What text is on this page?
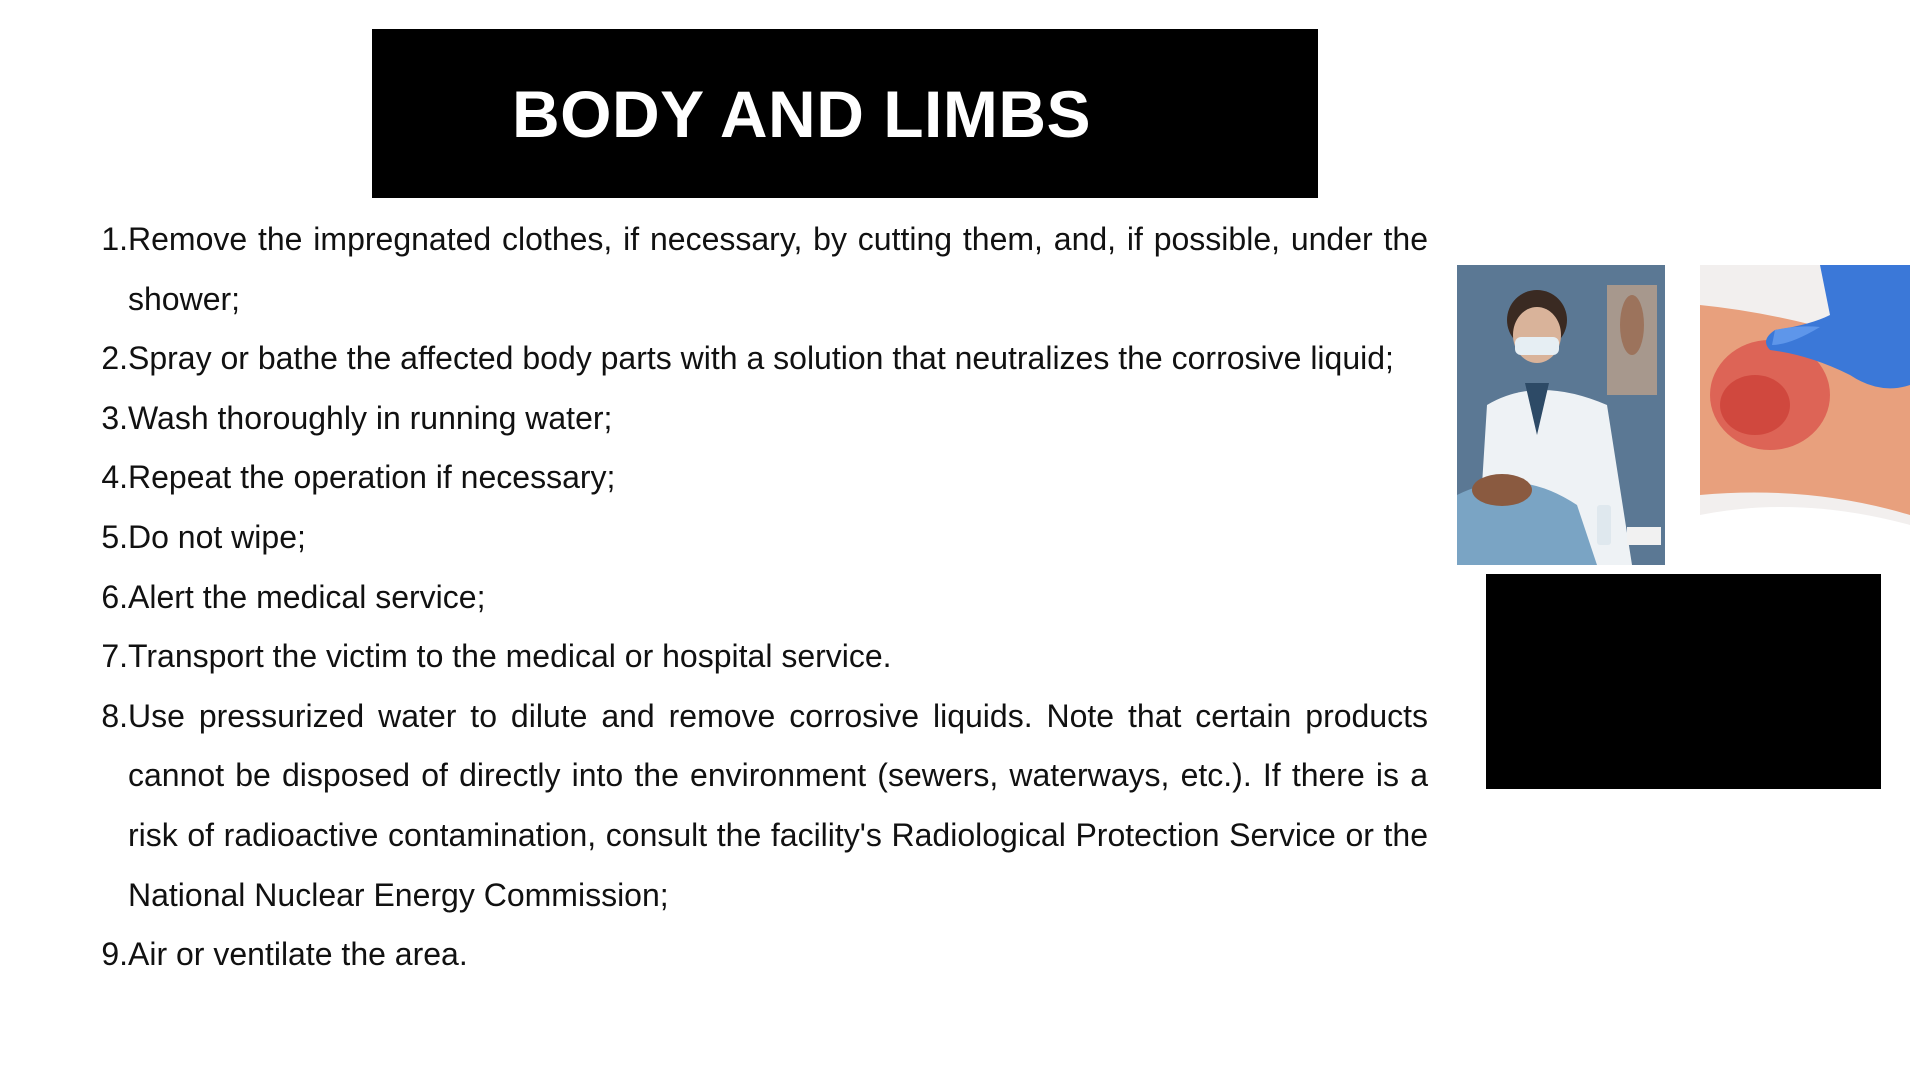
BODY AND LIMBS
1. Remove the impregnated clothes, if necessary, by cutting them, and, if possible, under the shower;
2. Spray or bathe the affected body parts with a solution that neutralizes the corrosive liquid;
3. Wash thoroughly in running water;
4. Repeat the operation if necessary;
5. Do not wipe;
6. Alert the medical service;
7. Transport the victim to the medical or hospital service.
8. Use pressurized water to dilute and remove corrosive liquids. Note that certain products cannot be disposed of directly into the environment (sewers, waterways, etc.). If there is a risk of radioactive contamination, consult the facility's Radiological Protection Service or the National Nuclear Energy Commission;
9. Air or ventilate the area.
